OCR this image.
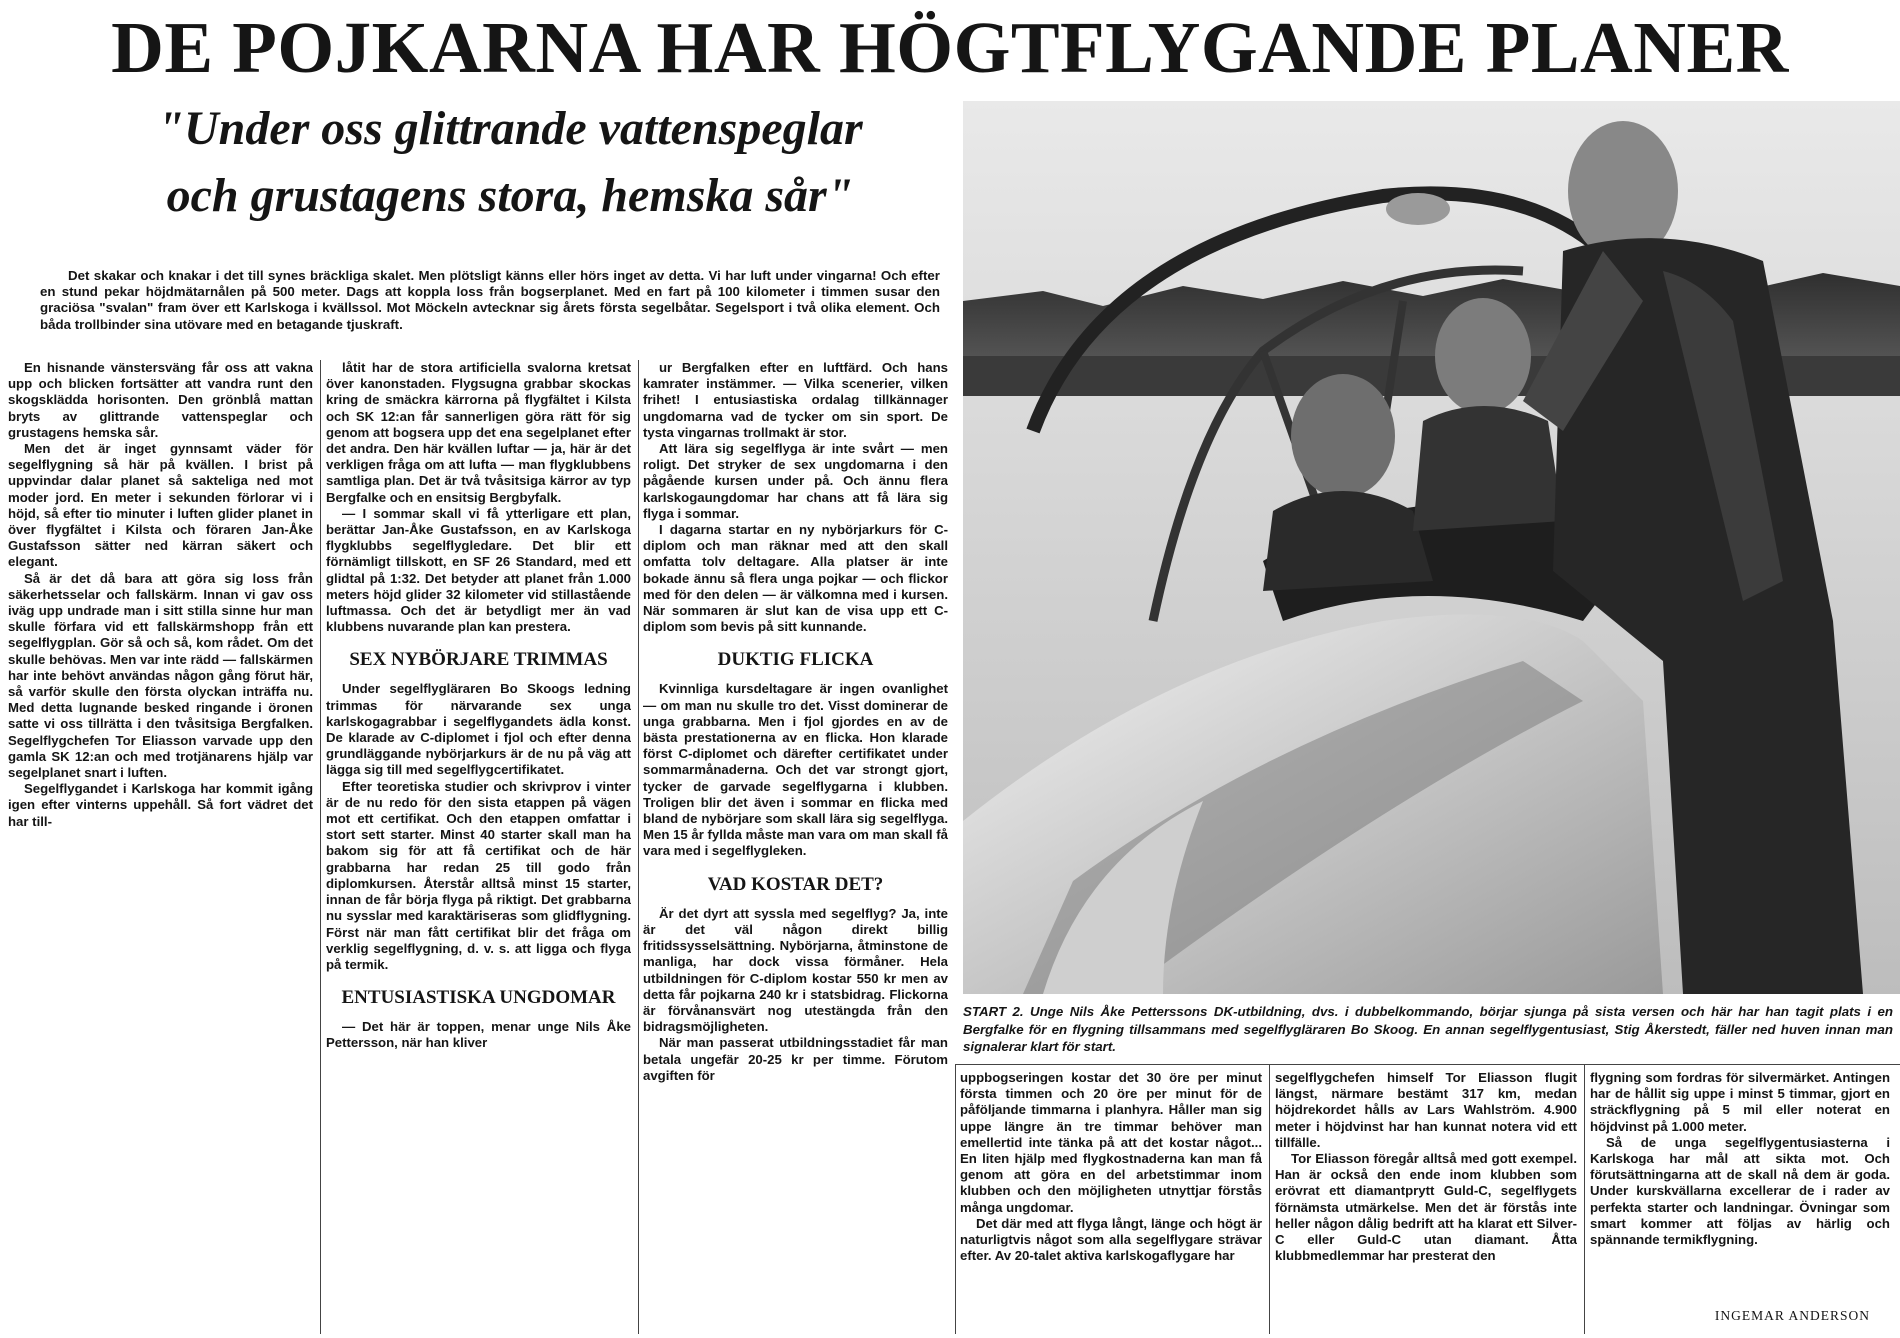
DE POJKARNA HAR HÖGTFLYGANDE PLANER
"Under oss glittrande vattenspeglar
och grustagens stora, hemska sår"
Det skakar och knakar i det till synes bräckliga skalet. Men plötsligt känns eller hörs inget av detta. Vi har luft under vingarna! Och efter en stund pekar höjdmätarnålen på 500 meter. Dags att koppla loss från bogserplanet. Med en fart på 100 kilometer i timmen susar den graciösa "svalan" fram över ett Karlskoga i kvällssol. Mot Möckeln avtecknar sig årets första segelbåtar. Segelsport i två olika element. Och båda trollbinder sina utövare med en betagande tjuskraft.
START 2. Unge Nils Åke Petterssons DK-utbildning, dvs. i dubbelkommando, börjar sjunga på sista versen och här har han tagit plats i en Bergfalke för en flygning tillsammans med segelflygläraren Bo Skoog. En annan segelflygentusiast, Stig Åkerstedt, fäller ned huven innan man signalerar klart för start.

En hisnande vänstersväng får oss att vakna upp och blicken fortsätter att vandra runt den skogsklädda horisonten. Den grönblå mattan bryts av glittrande vattenspeglar och grustagens hemska sår.

Men det är inget gynnsamt väder för segelflygning så här på kvällen. I brist på uppvindar dalar planet så sakteliga ned mot moder jord. En meter i sekunden förlorar vi i höjd, så efter tio minuter i luften glider planet in över flygfältet i Kilsta och föraren Jan-Åke Gustafsson sätter ned kärran säkert och elegant.

Så är det då bara att göra sig loss från säkerhetsselar och fallskärm. Innan vi gav oss iväg upp undrade man i sitt stilla sinne hur man skulle förfara vid ett fallskärmshopp från ett segelflygplan. Gör så och så, kom rådet. Om det skulle behövas. Men var inte rädd — fallskärmen har inte behövt användas någon gång förut här, så varför skulle den första olyckan inträffa nu. Med detta lugnande besked ringande i öronen satte vi oss tillrätta i den tvåsitsiga Bergfalken. Segelflygchefen Tor Eliasson varvade upp den gamla SK 12:an och med trotjänarens hjälp var segelplanet snart i luften.

Segelflygandet i Karlskoga har kommit igång igen efter vinterns uppehåll. Så fort vädret det har till-

låtit har de stora artificiella svalorna kretsat över kanonstaden. Flygsugna grabbar skockas kring de smäckra kärrorna på flygfältet i Kilsta och SK 12:an får sannerligen göra rätt för sig genom att bogsera upp det ena segelplanet efter det andra. Den här kvällen luftar — ja, här är det verkligen fråga om att lufta — man flygklubbens samtliga plan. Det är två tvåsitsiga kärror av typ Bergfalke och en ensitsig Bergbyfalk.

— I sommar skall vi få ytterligare ett plan, berättar Jan-Åke Gustafsson, en av Karlskoga flygklubbs segelflygledare. Det blir ett förnämligt tillskott, en SF 26 Standard, med ett glidtal på 1:32. Det betyder att planet från 1.000 meters höjd glider 32 kilometer vid stillastående luftmassa. Och det är betydligt mer än vad klubbens nuvarande plan kan prestera.

SEX NYBÖRJARE TRIMMAS

Under segelflygläraren Bo Skoogs ledning trimmas för närvarande sex unga karlskogagrabbar i segelflygandets ädla konst. De klarade av C-diplomet i fjol och efter denna grundläggande nybörjarkurs är de nu på väg att lägga sig till med segelflygcertifikatet.

Efter teoretiska studier och skrivprov i vinter är de nu redo för den sista etappen på vägen mot ett certifikat. Och den etappen omfattar i stort sett starter. Minst 40 starter skall man ha bakom sig för att få certifikat och de här grabbarna har redan 25 till godo från diplomkursen. Återstår alltså minst 15 starter, innan de får börja flyga på riktigt. Det grabbarna nu sysslar med karaktäriseras som glidflygning. Först när man fått certifikat blir det fråga om verklig segelflygning, d. v. s. att ligga och flyga på termik.

ENTUSIASTISKA UNGDOMAR

— Det här är toppen, menar unge Nils Åke Pettersson, när han kliver

ur Bergfalken efter en luftfärd. Och hans kamrater instämmer. — Vilka scenerier, vilken frihet! I entusiastiska ordalag tillkännager ungdomarna vad de tycker om sin sport. De tysta vingarnas trollmakt är stor.

Att lära sig segelflyga är inte svårt — men roligt. Det stryker de sex ungdomarna i den pågående kursen under på. Och ännu flera karlskogaungdomar har chans att få lära sig flyga i sommar.

I dagarna startar en ny nybörjarkurs för C-diplom och man räknar med att den skall omfatta tolv deltagare. Alla platser är inte bokade ännu så flera unga pojkar — och flickor med för den delen — är välkomna med i kursen. När sommaren är slut kan de visa upp ett C-diplom som bevis på sitt kunnande.

DUKTIG FLICKA

Kvinnliga kursdeltagare är ingen ovanlighet — om man nu skulle tro det. Visst dominerar de unga grabbarna. Men i fjol gjordes en av de bästa prestationerna av en flicka. Hon klarade först C-diplomet och därefter certifikatet under sommarmånaderna. Och det var strongt gjort, tycker de garvade segelflygarna i klubben. Troligen blir det även i sommar en flicka med bland de nybörjare som skall lära sig segelflyga. Men 15 år fyllda måste man vara om man skall få vara med i segelflygleken.

VAD KOSTAR DET?

Är det dyrt att syssla med segelflyg? Ja, inte är det väl någon direkt billig fritidssysselsättning. Nybörjarna, åtminstone de manliga, har dock vissa förmåner. Hela utbildningen för C-diplom kostar 550 kr men av detta får pojkarna 240 kr i statsbidrag. Flickorna är förvånansvärt nog utestängda från den bidragsmöjligheten.

När man passerat utbildningsstadiet får man betala ungefär 20-25 kr per timme. Förutom avgiften för	uppbogseringen kostar det 30 öre per minut första timmen och 20 öre per minut för de påföljande timmarna i planhyra. Håller man sig uppe längre än tre timmar behöver man emellertid inte tänka på att det kostar något... En liten hjälp med flygkostnaderna kan man få genom att göra en del arbetstimmar inom klubben och den möjligheten utnyttjar förstås många ungdomar.

Det där med att flyga långt, länge och högt är naturligtvis något som alla segelflygare strävar efter. Av 20-talet aktiva karlskogaflygare har

segelflygchefen himself Tor Eliasson flugit längst, närmare bestämt 317 km, medan höjdrekordet hålls av Lars Wahlström. 4.900 meter i höjdvinst har han kunnat notera vid ett tillfälle.

Tor Eliasson föregår alltså med gott exempel. Han är också den ende inom klubben som erövrat ett diamantprytt Guld-C, segelflygets förnämsta utmärkelse. Men det är förstås inte heller någon dålig bedrift att ha klarat ett Silver-C eller Guld-C utan diamant. Åtta klubbmedlemmar har presterat den

flygning som fordras för silvermärket. Antingen har de hållit sig uppe i minst 5 timmar, gjort en sträckflygning på 5 mil eller noterat en höjdvinst på 1.000 meter.

Så de unga segelflygentusiasterna i Karlskoga har mål att sikta mot. Och förutsättningarna att de skall nå dem är goda. Under kurskvällarna excellerar de i rader av perfekta starter och landningar. Övningar som smart kommer att följas av härlig och spännande termikflygning.

INGEMAR ANDERSON
